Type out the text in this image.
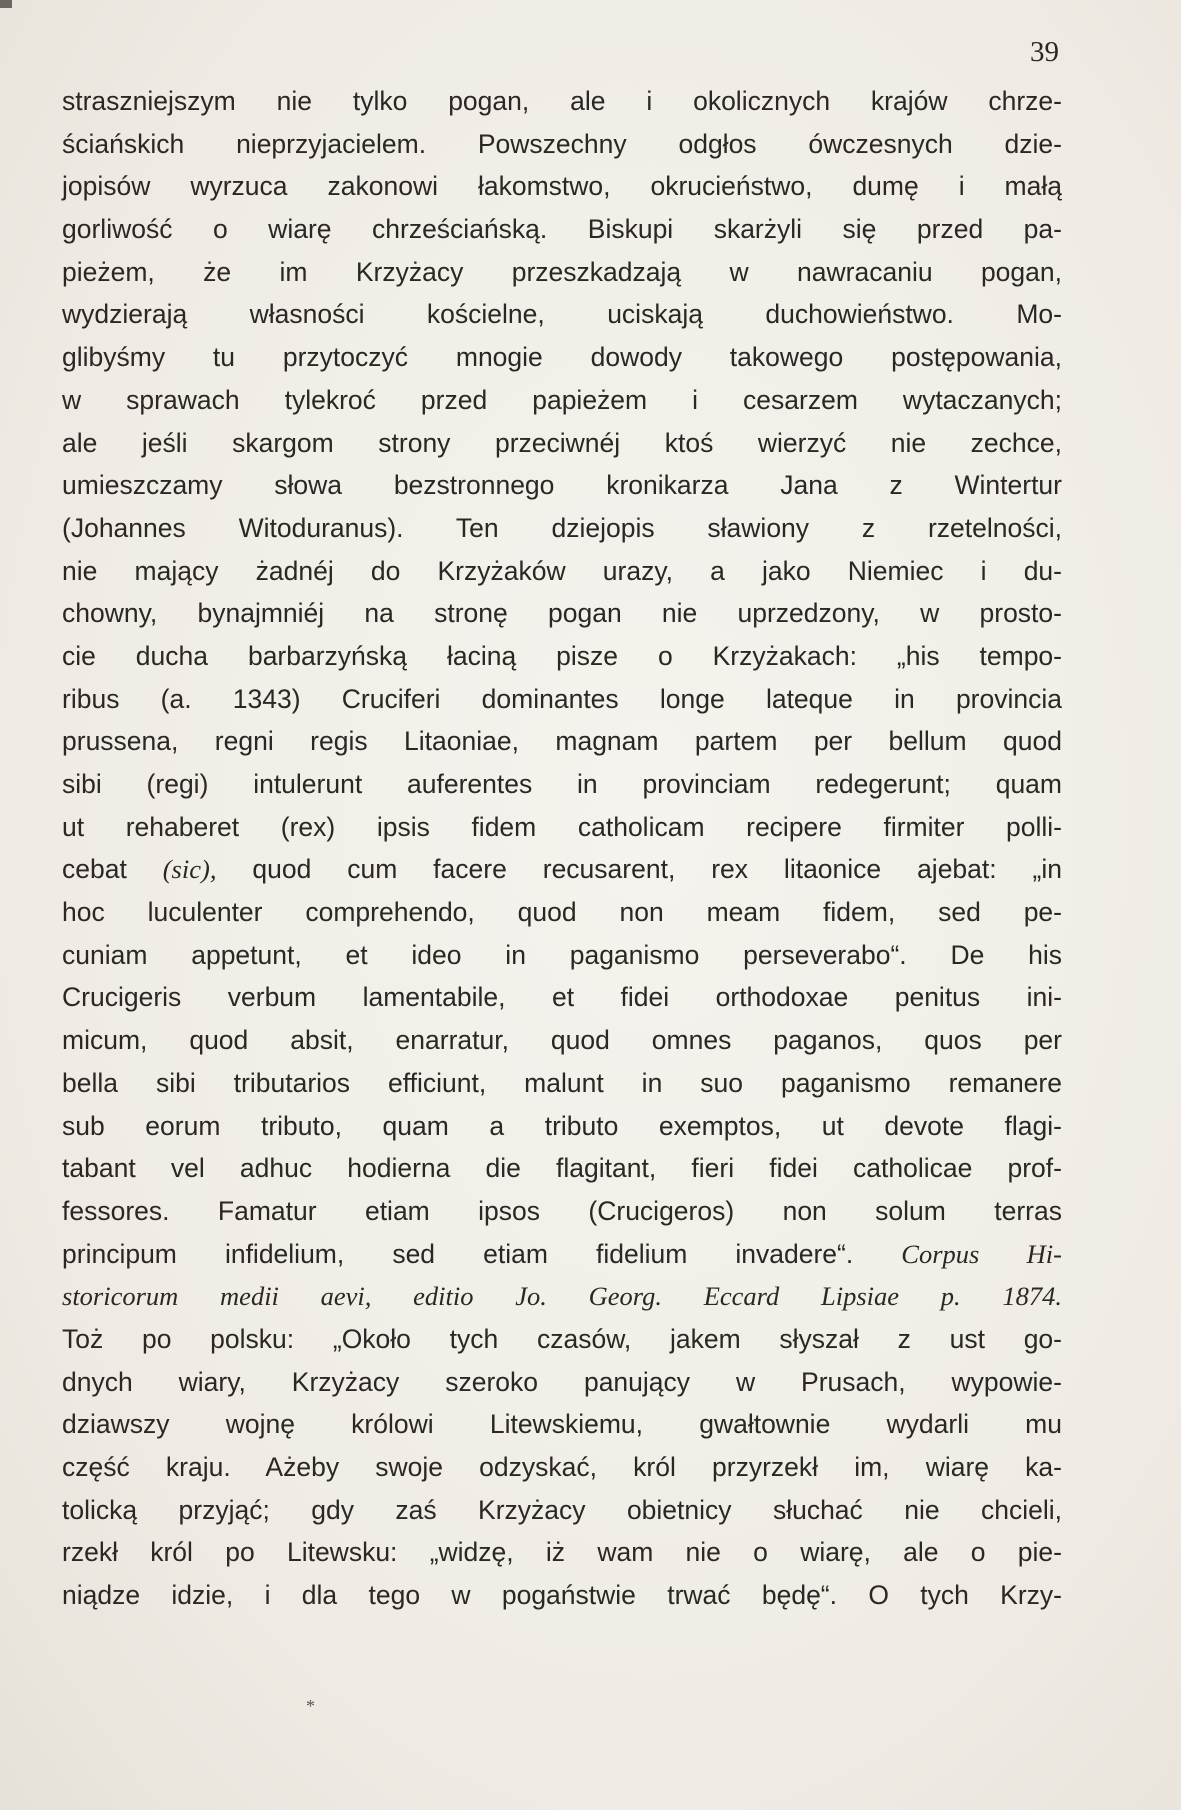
39
straszniejszym nie tylko pogan, ale i okolicznych krajów chrze-
ściańskich nieprzyjacielem. Powszechny odgłos ówczesnych dzie-
jopisów wyrzuca zakonowi łakomstwo, okrucieństwo, dumę i małą
gorliwość o wiarę chrześciańską. Biskupi skarżyli się przed pa-
pieżem, że im Krzyżacy przeszkadzają w nawracaniu pogan,
wydzierają własności kościelne, uciskają duchowieństwo. Mo-
glibyśmy tu przytoczyć mnogie dowody takowego postępowania,
w sprawach tylekroć przed papieżem i cesarzem wytaczanych;
ale jeśli skargom strony przeciwnéj ktoś wierzyć nie zechce,
umieszczamy słowa bezstronnego kronikarza Jana z Wintertur
(Johannes Witoduranus). Ten dziejopis sławiony z rzetelności,
nie mający żadnéj do Krzyżaków urazy, a jako Niemiec i du-
chowny, bynajmniéj na stronę pogan nie uprzedzony, w prosto-
cie ducha barbarzyńską łaciną pisze o Krzyżakach: „his tempo-
ribus (a. 1343) Cruciferi dominantes longe lateque in provincia
prussena, regni regis Litaoniae, magnam partem per bellum quod
sibi (regi) intulerunt auferentes in provinciam redegerunt; quam
ut rehaberet (rex) ipsis fidem catholicam recipere firmiter polli-
cebat (sic), quod cum facere recusarent, rex litaonice ajebat: „in
hoc luculenter comprehendo, quod non meam fidem, sed pe-
cuniam appetunt, et ideo in paganismo perseverabo“. De his
Crucigeris verbum lamentabile, et fidei orthodoxae penitus ini-
micum, quod absit, enarratur, quod omnes paganos, quos per
bella sibi tributarios efficiunt, malunt in suo paganismo remanere
sub eorum tributo, quam a tributo exemptos, ut devote flagi-
tabant vel adhuc hodierna die flagitant, fieri fidei catholicae prof-
fessores. Famatur etiam ipsos (Crucigeros) non solum terras
principum infidelium, sed etiam fidelium invadere“. Corpus Hi-
storicorum medii aevi, editio Jo. Georg. Eccard Lipsiae p. 1874.
Toż po polsku: „Około tych czasów, jakem słyszał z ust go-
dnych wiary, Krzyżacy szeroko panujący w Prusach, wypowie-
dziawszy wojnę królowi Litewskiemu, gwałtownie wydarli mu
część kraju. Ażeby swoje odzyskać, król przyrzekł im, wiarę ka-
tolicką przyjąć; gdy zaś Krzyżacy obietnicy słuchać nie chcieli,
rzekł król po Litewsku: „widzę, iż wam nie o wiarę, ale o pie-
niądze idzie, i dla tego w pogaństwie trwać będę“. O tych Krzy-
*
